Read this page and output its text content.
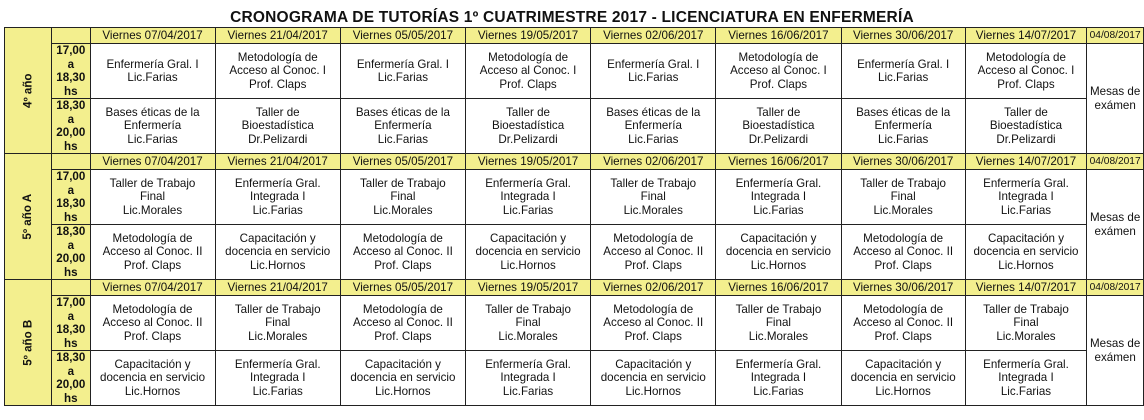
CRONOGRAMA DE TUTORÍAS 1º CUATRIMESTRE 2017 - LICENCIATURA EN ENFERMERÍA
4º año		Viernes 07/04/2017	Viernes 21/04/2017	Viernes 05/05/2017	Viernes 19/05/2017	Viernes 02/06/2017	Viernes 16/06/2017	Viernes 30/06/2017	Viernes 14/07/2017	04/08/2017

	17,00 a
18,30
hs	Enfermería Gral. I
Lic.Farias	Metodología de
Acceso al Conoc. I
Prof. Claps	Enfermería Gral. I
Lic.Farias	Metodología de
Acceso al Conoc. I
Prof. Claps	Enfermería Gral. I
Lic.Farias	Metodología de
Acceso al Conoc. I
Prof. Claps	Enfermería Gral. I
Lic.Farias	Metodología de
Acceso al Conoc. I
Prof. Claps	Mesas de
exámen

	18,30 a
20,00
hs	Bases éticas de la
Enfermería
Lic.Farias	Taller de
Bioestadística
Dr.Pelizardi	Bases éticas de la
Enfermería
Lic.Farias	Taller de
Bioestadística
Dr.Pelizardi	Bases éticas de la
Enfermería
Lic.Farias	Taller de
Bioestadística
Dr.Pelizardi	Bases éticas de la
Enfermería
Lic.Farias	Taller de
Bioestadística
Dr.Pelizardi	

5º año A		Viernes 07/04/2017	Viernes 21/04/2017	Viernes 05/05/2017	Viernes 19/05/2017	Viernes 02/06/2017	Viernes 16/06/2017	Viernes 30/06/2017	Viernes 14/07/2017	04/08/2017

	17,00 a
18,30
hs	Taller de Trabajo
Final
Lic.Morales	Enfermería Gral.
Integrada I
Lic.Farias	Taller de Trabajo
Final
Lic.Morales	Enfermería Gral.
Integrada I
Lic.Farias	Taller de Trabajo
Final
Lic.Morales	Enfermería Gral.
Integrada I
Lic.Farias	Taller de Trabajo
Final
Lic.Morales	Enfermería Gral.
Integrada I
Lic.Farias	Mesas de
exámen

	18,30 a
20,00
hs	Metodología de
Acceso al Conoc. II
Prof. Claps	Capacitación y
docencia en servicio
Lic.Hornos	Metodología de
Acceso al Conoc. II
Prof. Claps	Capacitación y
docencia en servicio
Lic.Hornos	Metodología de
Acceso al Conoc. II
Prof. Claps	Capacitación y
docencia en servicio
Lic.Hornos	Metodología de
Acceso al Conoc. II
Prof. Claps	Capacitación y
docencia en servicio
Lic.Hornos	

5º año B		Viernes 07/04/2017	Viernes 21/04/2017	Viernes 05/05/2017	Viernes 19/05/2017	Viernes 02/06/2017	Viernes 16/06/2017	Viernes 30/06/2017	Viernes 14/07/2017	04/08/2017

	17,00 a
18,30
hs	Metodología de
Acceso al Conoc. II
Prof. Claps	Taller de Trabajo
Final
Lic.Morales	Metodología de
Acceso al Conoc. II
Prof. Claps	Taller de Trabajo
Final
Lic.Morales	Metodología de
Acceso al Conoc. II
Prof. Claps	Taller de Trabajo
Final
Lic.Morales	Metodología de
Acceso al Conoc. II
Prof. Claps	Taller de Trabajo
Final
Lic.Morales	Mesas de
exámen

	18,30 a
20,00
hs	Capacitación y
docencia en servicio
Lic.Hornos	Enfermería Gral.
Integrada I
Lic.Farias	Capacitación y
docencia en servicio
Lic.Hornos	Enfermería Gral.
Integrada I
Lic.Farias	Capacitación y
docencia en servicio
Lic.Hornos	Enfermería Gral.
Integrada I
Lic.Farias	Capacitación y
docencia en servicio
Lic.Hornos	Enfermería Gral.
Integrada I
Lic.Farias	
